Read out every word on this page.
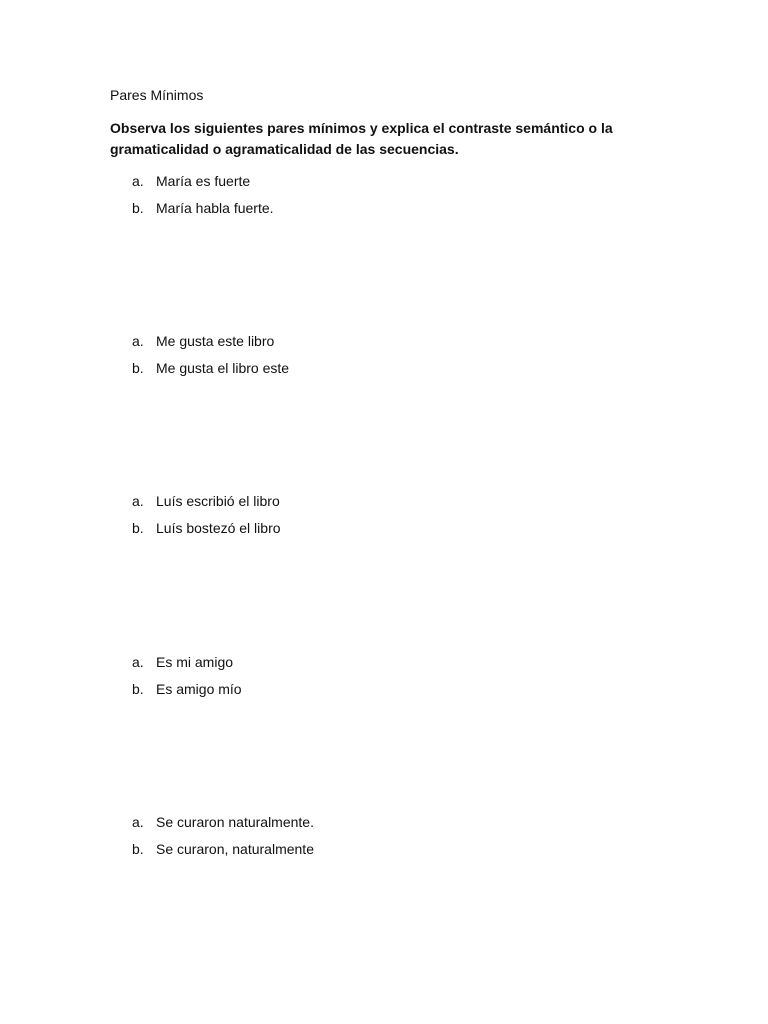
Pares Mínimos

Observa los siguientes pares mínimos y explica el contraste semántico o la gramaticalidad o agramaticalidad de las secuencias.

a. María es fuerte
b. María habla fuerte.
a. Me gusta este libro
b. Me gusta el libro este
a. Luís escribió el libro
b. Luís bostezó el libro
a. Es mi amigo
b. Es amigo mío
a. Se curaron naturalmente.
b. Se curaron, naturalmente
